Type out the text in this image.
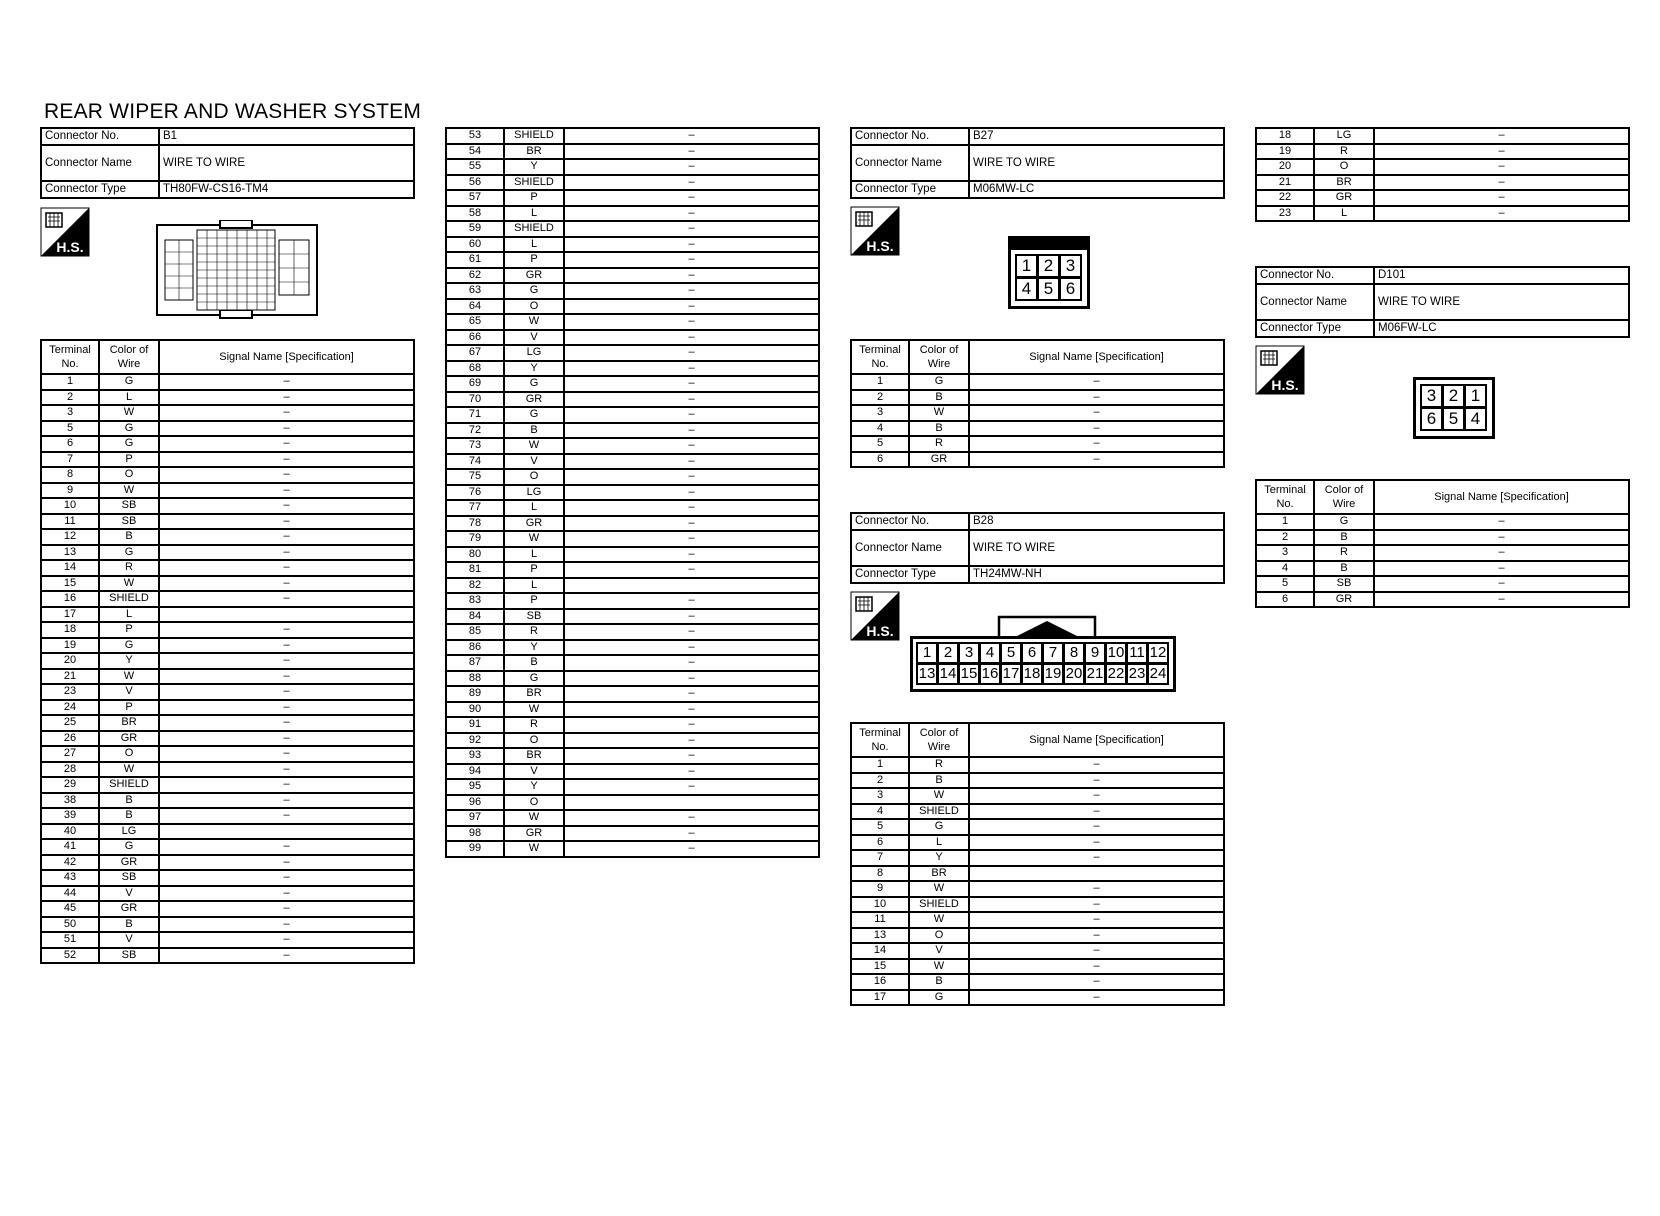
REAR WIPER AND WASHER SYSTEM
Connector No.	B1
Connector Name	WIRE TO WIRE
Connector Type	TH80FW-CS16-TM4
H.S.
Terminal No.	Color of Wire	Signal Name [Specification]
1	G	–
2	L	–
3	W	–
5	G	–
6	G	–
7	P	–
8	O	–
9	W	–
10	SB	–
11	SB	–
12	B	–
13	G	–
14	R	–
15	W	–
16	SHIELD	–
17	L	
18	P	–
19	G	–
20	Y	–
21	W	–
23	V	–
24	P	–
25	BR	–
26	GR	–
27	O	–
28	W	–
29	SHIELD	–
38	B	–
39	B	–
40	LG	
41	G	–
42	GR	–
43	SB	–
44	V	–
45	GR	–
50	B	–
51	V	–
52	SB	–
53	SHIELD	–
54	BR	–
55	Y	–
56	SHIELD	–
57	P	–
58	L	–
59	SHIELD	–
60	L	–
61	P	–
62	GR	–
63	G	–
64	O	–
65	W	–
66	V	–
67	LG	–
68	Y	–
69	G	–
70	GR	–
71	G	–
72	B	–
73	W	–
74	V	–
75	O	–
76	LG	–
77	L	–
78	GR	–
79	W	–
80	L	–
81	P	–
82	L	
83	P	–
84	SB	–
85	R	–
86	Y	–
87	B	–
88	G	–
89	BR	–
90	W	–
91	R	–
92	O	–
93	BR	–
94	V	–
95	Y	–
96	O	
97	W	–
98	GR	–
99	W	–
Connector No.	B27
Connector Name	WIRE TO WIRE
Connector Type	M06MW-LC
H.S.
1 2 3
4 5 6
Terminal No.	Color of Wire	Signal Name [Specification]
1	G	–
2	B	–
3	W	–
4	B	–
5	R	–
6	GR	–
Connector No.	B28
Connector Name	WIRE TO WIRE
Connector Type	TH24MW-NH
H.S.
1 2 3 4 5 6 7 8 9 10 11 12
13 14 15 16 17 18 19 20 21 22 23 24
Terminal No.	Color of Wire	Signal Name [Specification]
1	R	–
2	B	–
3	W	–
4	SHIELD	–
5	G	–
6	L	–
7	Y	–
8	BR	
9	W	–
10	SHIELD	–
11	W	–
13	O	–
14	V	–
15	W	–
16	B	–
17	G	–
18	LG	–
19	R	–
20	O	–
21	BR	–
22	GR	–
23	L	–
Connector No.	D101
Connector Name	WIRE TO WIRE
Connector Type	M06FW-LC
H.S.
3 2 1
6 5 4
Terminal No.	Color of Wire	Signal Name [Specification]
1	G	–
2	B	–
3	R	–
4	B	–
5	SB	–
6	GR	–
